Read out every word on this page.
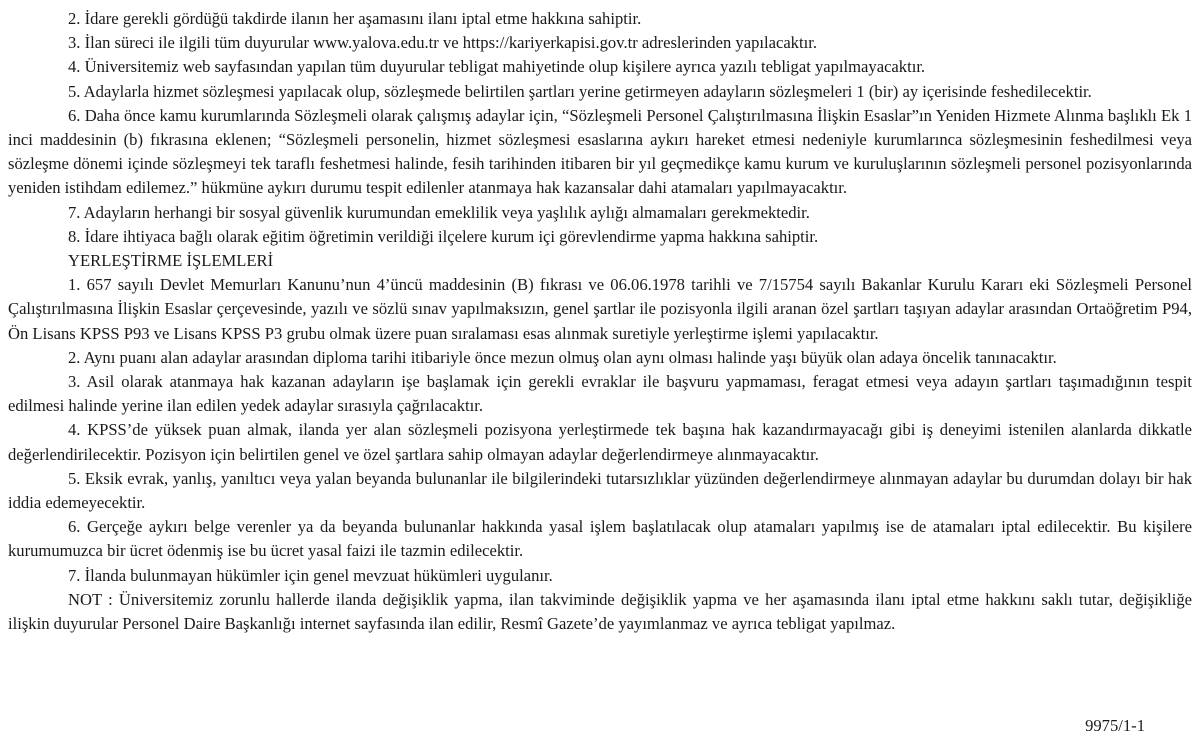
2. İdare gerekli gördüğü takdirde ilanın her aşamasını ilanı iptal etme hakkına sahiptir.

3. İlan süreci ile ilgili tüm duyurular www.yalova.edu.tr ve https://kariyerkapisi.gov.tr adreslerinden yapılacaktır.

4. Üniversitemiz web sayfasından yapılan tüm duyurular tebligat mahiyetinde olup kişilere ayrıca yazılı tebligat yapılmayacaktır.

5. Adaylarla hizmet sözleşmesi yapılacak olup, sözleşmede belirtilen şartları yerine getirmeyen adayların sözleşmeleri 1 (bir) ay içerisinde feshedilecektir.

6. Daha önce kamu kurumlarında Sözleşmeli olarak çalışmış adaylar için, “Sözleşmeli Personel Çalıştırılmasına İlişkin Esaslar”ın Yeniden Hizmete Alınma başlıklı Ek 1 inci maddesinin (b) fıkrasına eklenen; “Sözleşmeli personelin, hizmet sözleşmesi esaslarına aykırı hareket etmesi nedeniyle kurumlarınca sözleşmesinin feshedilmesi veya sözleşme dönemi içinde sözleşmeyi tek taraflı feshetmesi halinde, fesih tarihinden itibaren bir yıl geçmedikçe kamu kurum ve kuruluşlarının sözleşmeli personel pozisyonlarında yeniden istihdam edilemez.” hükmüne aykırı durumu tespit edilenler atanmaya hak kazansalar dahi atamaları yapılmayacaktır.

7. Adayların herhangi bir sosyal güvenlik kurumundan emeklilik veya yaşlılık aylığı almamaları gerekmektedir.

8. İdare ihtiyaca bağlı olarak eğitim öğretimin verildiği ilçelere kurum içi görevlendirme yapma hakkına sahiptir.

YERLEŞTİRME İŞLEMLERİ

1. 657 sayılı Devlet Memurları Kanunu’nun 4’üncü maddesinin (B) fıkrası ve 06.06.1978 tarihli ve 7/15754 sayılı Bakanlar Kurulu Kararı eki Sözleşmeli Personel Çalıştırılmasına İlişkin Esaslar çerçevesinde, yazılı ve sözlü sınav yapılmaksızın, genel şartlar ile pozisyonla ilgili aranan özel şartları taşıyan adaylar arasından Ortaöğretim P94, Ön Lisans KPSS P93 ve Lisans KPSS P3 grubu olmak üzere puan sıralaması esas alınmak suretiyle yerleştirme işlemi yapılacaktır.

2. Aynı puanı alan adaylar arasından diploma tarihi itibariyle önce mezun olmuş olan aynı olması halinde yaşı büyük olan adaya öncelik tanınacaktır.

3. Asil olarak atanmaya hak kazanan adayların işe başlamak için gerekli evraklar ile başvuru yapmaması, feragat etmesi veya adayın şartları taşımadığının tespit edilmesi halinde yerine ilan edilen yedek adaylar sırasıyla çağrılacaktır.

4. KPSS’de yüksek puan almak, ilanda yer alan sözleşmeli pozisyona yerleştirmede tek başına hak kazandırmayacağı gibi iş deneyimi istenilen alanlarda dikkatle değerlendirilecektir. Pozisyon için belirtilen genel ve özel şartlara sahip olmayan adaylar değerlendirmeye alınmayacaktır.

5. Eksik evrak, yanlış, yanıltıcı veya yalan beyanda bulunanlar ile bilgilerindeki tutarsızlıklar yüzünden değerlendirmeye alınmayan adaylar bu durumdan dolayı bir hak iddia edemeyecektir.

6. Gerçeğe aykırı belge verenler ya da beyanda bulunanlar hakkında yasal işlem başlatılacak olup atamaları yapılmış ise de atamaları iptal edilecektir. Bu kişilere kurumumuzca bir ücret ödenmiş ise bu ücret yasal faizi ile tazmin edilecektir.

7. İlanda bulunmayan hükümler için genel mevzuat hükümleri uygulanır.

NOT : Üniversitemiz zorunlu hallerde ilanda değişiklik yapma, ilan takviminde değişiklik yapma ve her aşamasında ilanı iptal etme hakkını saklı tutar, değişikliğe ilişkin duyurular Personel Daire Başkanlığı internet sayfasında ilan edilir, Resmî Gazete’de yayımlanmaz ve ayrıca tebligat yapılmaz.

9975/1-1
